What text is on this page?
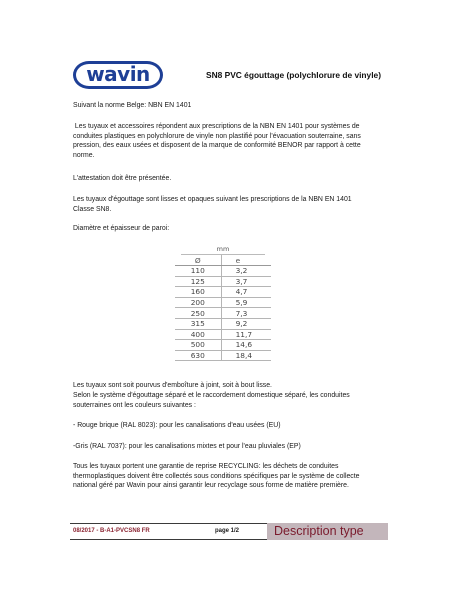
wavin	SN8 PVC égouttage (polychlorure de vinyle)

Suivant la norme Belge: NBN EN 1401

Les tuyaux et accessoires répondent aux prescriptions de la NBN EN 1401 pour systèmes de conduites plastiques en polychlorure de vinyle non plastifié pour l'évacuation souterraine, sans pression, des eaux usées et disposent de la marque de conformité BENOR par rapport à cette norme.

L'attestation doit être présentée.

Les tuyaux d'égouttage sont lisses et opaques suivant les prescriptions de la NBN EN 1401 Classe SN8.

Diamètre et épaisseur de paroi:

mm
Ø	e
110	3,2
125	3,7
160	4,7
200	5,9
250	7,3
315	9,2
400	11,7
500	14,6
630	18,4

Les tuyaux sont soit pourvus d'emboîture à joint, soit à bout lisse.

Selon le système d'égouttage séparé et le raccordement domestique séparé, les conduites souterraines ont les couleurs suivantes :

- Rouge brique (RAL 8023): pour les canalisations d'eau usées (EU)

-Gris (RAL 7037): pour les canalisations mixtes et pour l'eau pluviales (EP)

Tous les tuyaux portent une garantie de reprise RECYCLING: les déchets de conduites thermoplastiques doivent être collectés sous conditions spécifiques par le système de collecte national géré par Wavin pour ainsi garantir leur recyclage sous forme de matière première.

08/2017 - B-A1-PVCSN8 FR	page 1/2	Description type
